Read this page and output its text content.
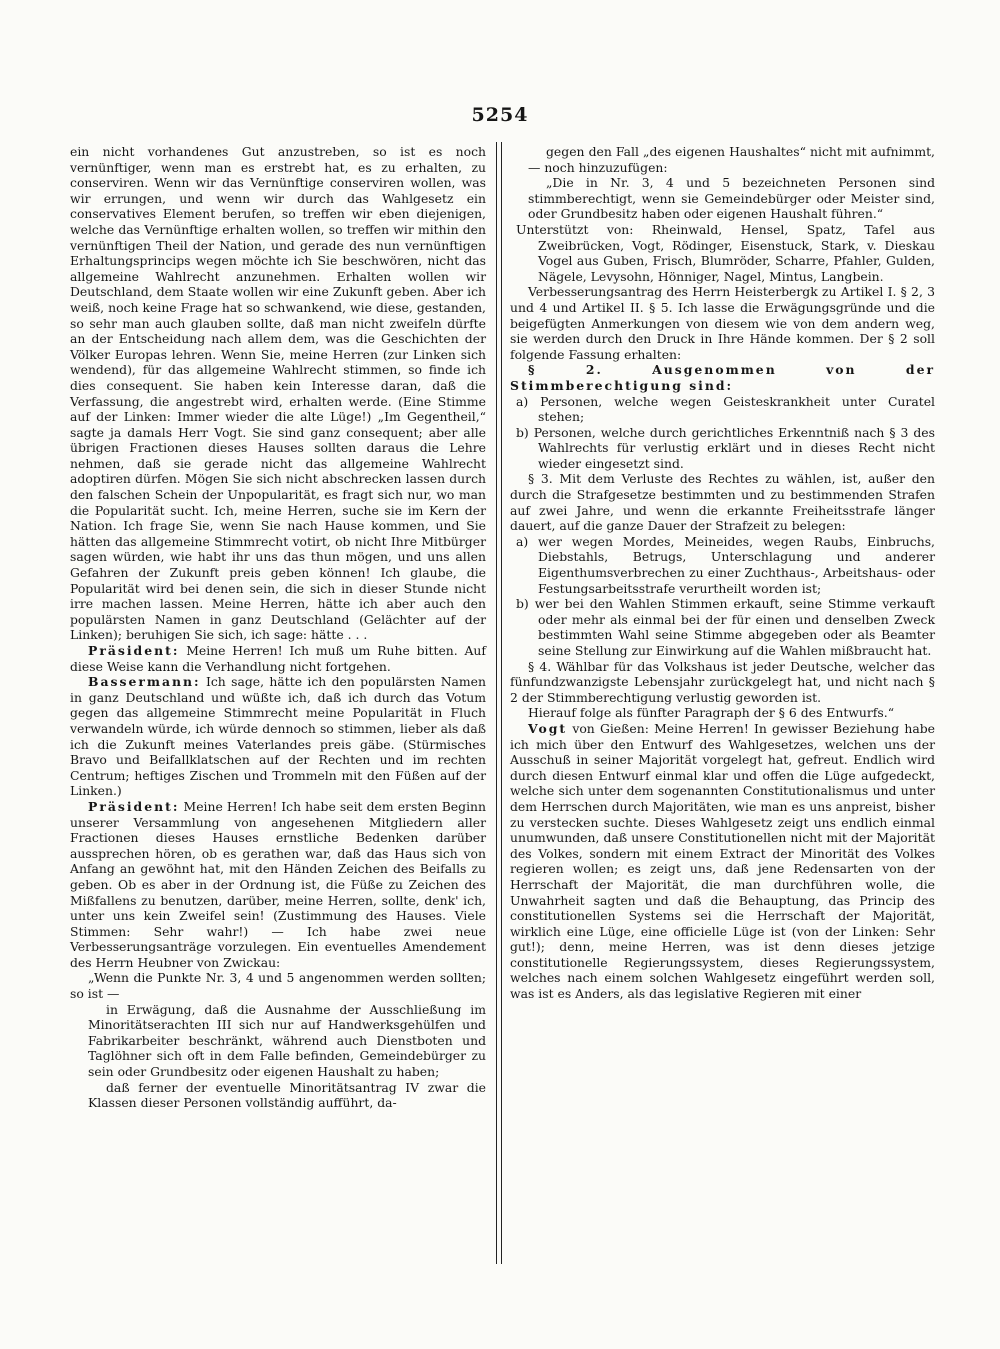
5254

ein nicht vorhandenes Gut anzustreben, so ist es noch vernünftiger, wenn man es erstrebt hat, es zu erhalten, zu conserviren. Wenn wir das Vernünftige conserviren wollen, was wir errungen, und wenn wir durch das Wahlgesetz ein conservatives Element berufen, so treffen wir eben diejenigen, welche das Vernünftige erhalten wollen, so treffen wir mithin den vernünftigen Theil der Nation, und gerade des nun vernünftigen Erhaltungsprincips wegen möchte ich Sie beschwören, nicht das allgemeine Wahlrecht anzunehmen. Erhalten wollen wir Deutschland, dem Staate wollen wir eine Zukunft geben. Aber ich weiß, noch keine Frage hat so schwankend, wie diese, gestanden, so sehr man auch glauben sollte, daß man nicht zweifeln dürfte an der Entscheidung nach allem dem, was die Geschichten der Völker Europas lehren. Wenn Sie, meine Herren (zur Linken sich wendend), für das allgemeine Wahlrecht stimmen, so finde ich dies consequent. Sie haben kein Interesse daran, daß die Verfassung, die angestrebt wird, erhalten werde. (Eine Stimme auf der Linken: Immer wieder die alte Lüge!) „Im Gegentheil,“ sagte ja damals Herr Vogt. Sie sind ganz consequent; aber alle übrigen Fractionen dieses Hauses sollten daraus die Lehre nehmen, daß sie gerade nicht das allgemeine Wahlrecht adoptiren dürfen. Mögen Sie sich nicht abschrecken lassen durch den falschen Schein der Unpopularität, es fragt sich nur, wo man die Popularität sucht. Ich, meine Herren, suche sie im Kern der Nation. Ich frage Sie, wenn Sie nach Hause kommen, und Sie hätten das allgemeine Stimmrecht votirt, ob nicht Ihre Mitbürger sagen würden, wie habt ihr uns das thun mögen, und uns allen Gefahren der Zukunft preis geben können! Ich glaube, die Popularität wird bei denen sein, die sich in dieser Stunde nicht irre machen lassen. Meine Herren, hätte ich aber auch den populärsten Namen in ganz Deutschland (Gelächter auf der Linken); beruhigen Sie sich, ich sage: hätte . . .

Präsident: Meine Herren! Ich muß um Ruhe bitten. Auf diese Weise kann die Verhandlung nicht fortgehen.

Bassermann: Ich sage, hätte ich den populärsten Namen in ganz Deutschland und wüßte ich, daß ich durch das Votum gegen das allgemeine Stimmrecht meine Popularität in Fluch verwandeln würde, ich würde dennoch so stimmen, lieber als daß ich die Zukunft meines Vaterlandes preis gäbe. (Stürmisches Bravo und Beifallklatschen auf der Rechten und im rechten Centrum; heftiges Zischen und Trommeln mit den Füßen auf der Linken.)

Präsident: Meine Herren! Ich habe seit dem ersten Beginn unserer Versammlung von angesehenen Mitgliedern aller Fractionen dieses Hauses ernstliche Bedenken darüber aussprechen hören, ob es gerathen war, daß das Haus sich von Anfang an gewöhnt hat, mit den Händen Zeichen des Beifalls zu geben. Ob es aber in der Ordnung ist, die Füße zu Zeichen des Mißfallens zu benutzen, darüber, meine Herren, sollte, denk' ich, unter uns kein Zweifel sein! (Zustimmung des Hauses. Viele Stimmen: Sehr wahr!) — Ich habe zwei neue Verbesserungsanträge vorzulegen. Ein eventuelles Amendement des Herrn Heubner von Zwickau:

„Wenn die Punkte Nr. 3, 4 und 5 angenommen werden sollten; so ist —

in Erwägung, daß die Ausnahme der Ausschließung im Minoritätserachten III sich nur auf Handwerksgehülfen und Fabrikarbeiter beschränkt, während auch Dienstboten und Taglöhner sich oft in dem Falle befinden, Gemeindebürger zu sein oder Grundbesitz oder eigenen Haushalt zu haben;

daß ferner der eventuelle Minoritätsantrag IV zwar die Klassen dieser Personen vollständig aufführt, da-

gegen den Fall „des eigenen Haushaltes“ nicht mit aufnimmt, — noch hinzuzufügen:

„Die in Nr. 3, 4 und 5 bezeichneten Personen sind stimmberechtigt, wenn sie Gemeindebürger oder Meister sind, oder Grundbesitz haben oder eigenen Haushalt führen.“

Unterstützt von: Rheinwald, Hensel, Spatz, Tafel aus Zweibrücken, Vogt, Rödinger, Eisenstuck, Stark, v. Dieskau Vogel aus Guben, Frisch, Blumröder, Scharre, Pfahler, Gulden, Nägele, Levysohn, Hönniger, Nagel, Mintus, Langbein.

Verbesserungsantrag des Herrn Heisterbergk zu Artikel I. § 2, 3 und 4 und Artikel II. § 5. Ich lasse die Erwägungsgründe und die beigefügten Anmerkungen von diesem wie von dem andern weg, sie werden durch den Druck in Ihre Hände kommen. Der § 2 soll folgende Fassung erhalten:

§ 2. Ausgenommen von der Stimmberechtigung sind:

a) Personen, welche wegen Geisteskrankheit unter Curatel stehen;

b) Personen, welche durch gerichtliches Erkenntniß nach § 3 des Wahlrechts für verlustig erklärt und in dieses Recht nicht wieder eingesetzt sind.

§ 3. Mit dem Verluste des Rechtes zu wählen, ist, außer den durch die Strafgesetze bestimmten und zu bestimmenden Strafen auf zwei Jahre, und wenn die erkannte Freiheitsstrafe länger dauert, auf die ganze Dauer der Strafzeit zu belegen:

a) wer wegen Mordes, Meineides, wegen Raubs, Einbruchs, Diebstahls, Betrugs, Unterschlagung und anderer Eigenthumsverbrechen zu einer Zuchthaus-, Arbeitshaus- oder Festungsarbeitsstrafe verurtheilt worden ist;

b) wer bei den Wahlen Stimmen erkauft, seine Stimme verkauft oder mehr als einmal bei der für einen und denselben Zweck bestimmten Wahl seine Stimme abgegeben oder als Beamter seine Stellung zur Einwirkung auf die Wahlen mißbraucht hat.

§ 4. Wählbar für das Volkshaus ist jeder Deutsche, welcher das fünfundzwanzigste Lebensjahr zurückgelegt hat, und nicht nach § 2 der Stimmberechtigung verlustig geworden ist.

Hierauf folge als fünfter Paragraph der § 6 des Entwurfs.“

Vogt von Gießen: Meine Herren! In gewisser Beziehung habe ich mich über den Entwurf des Wahlgesetzes, welchen uns der Ausschuß in seiner Majorität vorgelegt hat, gefreut. Endlich wird durch diesen Entwurf einmal klar und offen die Lüge aufgedeckt, welche sich unter dem sogenannten Constitutionalismus und unter dem Herrschen durch Majoritäten, wie man es uns anpreist, bisher zu verstecken suchte. Dieses Wahlgesetz zeigt uns endlich einmal unumwunden, daß unsere Constitutionellen nicht mit der Majorität des Volkes, sondern mit einem Extract der Minorität des Volkes regieren wollen; es zeigt uns, daß jene Redensarten von der Herrschaft der Majorität, die man durchführen wolle, die Unwahrheit sagten und daß die Behauptung, das Princip des constitutionellen Systems sei die Herrschaft der Majorität, wirklich eine Lüge, eine officielle Lüge ist (von der Linken: Sehr gut!); denn, meine Herren, was ist denn dieses jetzige constitutionelle Regierungssystem, dieses Regierungssystem, welches nach einem solchen Wahlgesetz eingeführt werden soll, was ist es Anders, als das legislative Regieren mit einer
